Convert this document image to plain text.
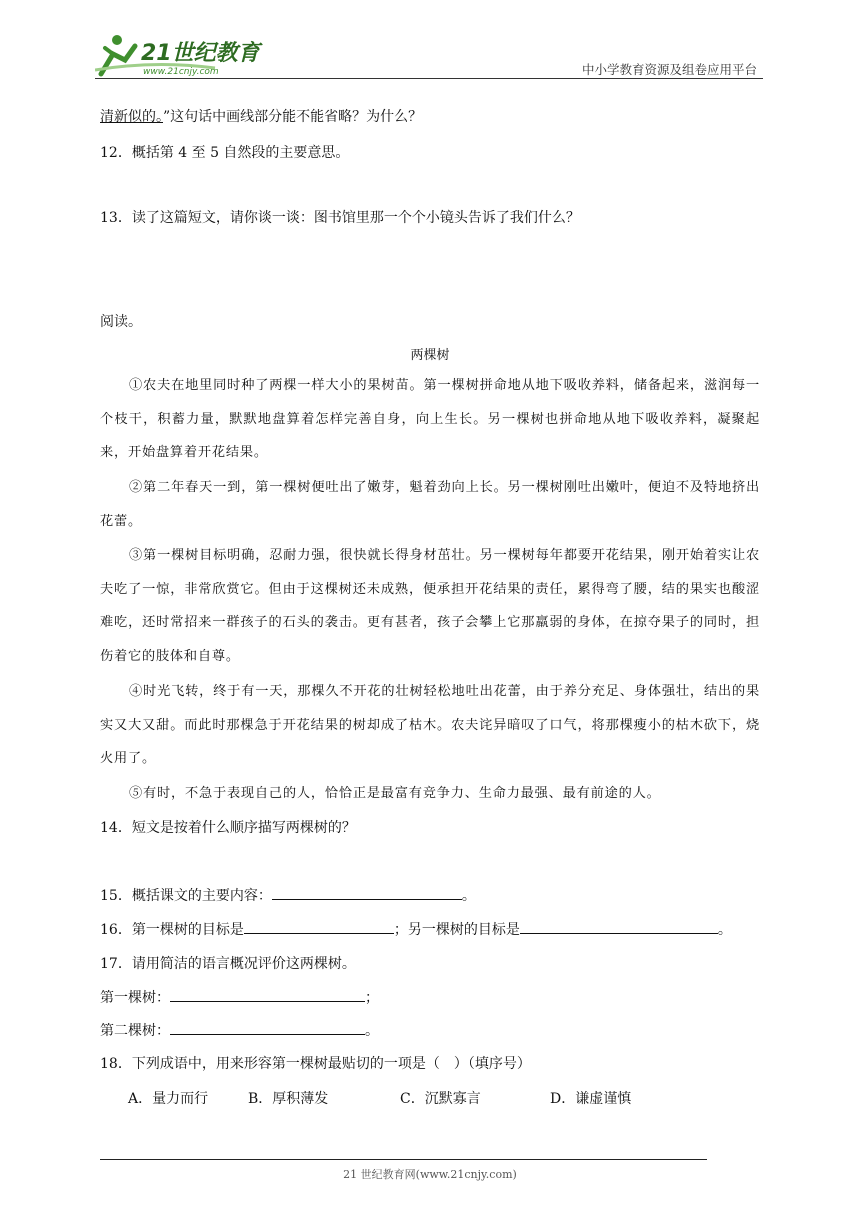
21世纪教育
www.21cnjy.com	中小学教育资源及组卷应用平台
清新似的。”这句话中画线部分能不能省略？为什么？
12．概括第 4 至 5 自然段的主要意思。
13．读了这篇短文，请你谈一谈：图书馆里那一个个小镜头告诉了我们什么？
阅读。
两棵树
①农夫在地里同时种了两棵一样大小的果树苗。第一棵树拼命地从地下吸收养料，储备起来，滋润每一个枝干，积蓄力量，默默地盘算着怎样完善自身，向上生长。另一棵树也拼命地从地下吸收养料，凝聚起来，开始盘算着开花结果。
②第二年春天一到，第一棵树便吐出了嫩芽，魁着劲向上长。另一棵树刚吐出嫩叶，便迫不及特地挤出花蕾。
③第一棵树目标明确，忍耐力强，很快就长得身材茁壮。另一棵树每年都要开花结果，刚开始着实让农夫吃了一惊，非常欣赏它。但由于这棵树还未成熟，便承担开花结果的责任，累得弯了腰，结的果实也酸涩难吃，还时常招来一群孩子的石头的袭击。更有甚者，孩子会攀上它那羸弱的身体，在掠夺果子的同时，担伤着它的肢体和自尊。
④时光飞转，终于有一天，那棵久不开花的壮树轻松地吐出花蕾，由于养分充足、身体强壮，结出的果实又大又甜。而此时那棵急于开花结果的树却成了枯木。农夫诧异暗叹了口气，将那棵瘦小的枯木砍下，烧火用了。
⑤有时，不急于表现自己的人，恰恰正是最富有竞争力、生命力最强、最有前途的人。
14．短文是按着什么顺序描写两棵树的？
15．概括课文的主要内容：	。
16．第一棵树的目标是	；另一棵树的目标是	。
17．请用简洁的语言概况评价这两棵树。
第一棵树：	；
第二棵树：	。
18．下列成语中，用来形容第一棵树最贴切的一项是（　）（填序号）
A．量力而行	B．厚积薄发	C．沉默寡言	D．谦虚谨慎
21 世纪教育网(www.21cnjy.com)
